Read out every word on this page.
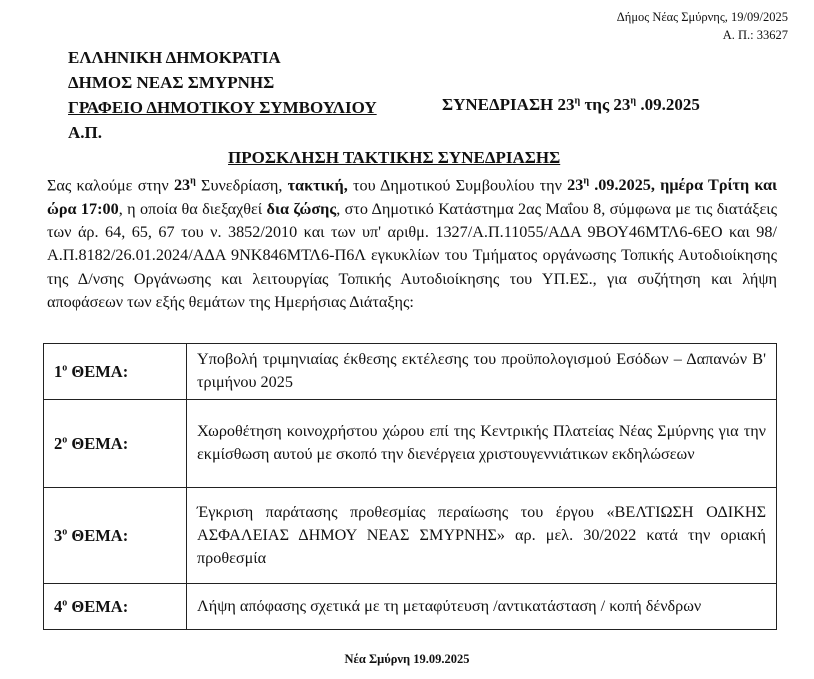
Δήμος Νέας Σμύρνης, 19/09/2025
Α. Π.: 33627
ΕΛΛΗΝΙΚΗ ΔΗΜΟΚΡΑΤΙΑ
ΔΗΜΟΣ ΝΕΑΣ ΣΜΥΡΝΗΣ
ΓΡΑΦΕΙΟ ΔΗΜΟΤΙΚΟΥ ΣΥΜΒΟΥΛΙΟΥ
Α.Π.
ΣΥΝΕΔΡΙΑΣΗ $23^\eta$ της $23^\eta$ .09.2025
ΠΡΟΣΚΛΗΣΗ ΤΑΚΤΙΚΗΣ ΣΥΝΕΔΡΙΑΣΗΣ

Σας καλούμε στην $23^\eta$ Συνεδρίαση, τακτική, του Δημοτικού Συμβουλίου την $23^\eta$ .09.2025, ημέρα Τρίτη και ώρα 17:00, η οποία θα διεξαχθεί δια ζώσης, στο Δημοτικό Κατάστημα 2ας Μαΐου 8, σύμφωνα με τις διατάξεις των άρ. 64, 65, 67 του ν. 3852/2010 και των υπ' αριθμ. 1327/Α.Π.11055/ΑΔΑ 9ΒΟΥ46ΜΤΛ6-6ΕΟ και 98/Α.Π.8182/26.01.2024/ΑΔΑ 9ΝΚ846ΜΤΛ6-Π6Λ εγκυκλίων του Τμήματος οργάνωσης Τοπικής Αυτοδιοίκησης της Δ/νσης Οργάνωσης και λειτουργίας Τοπικής Αυτοδιοίκησης του ΥΠ.ΕΣ., για συζήτηση και λήψη αποφάσεων των εξής θεμάτων της Ημερήσιας Διάταξης:

$1^o$ ΘΕΜΑ:	Υποβολή τριμηνιαίας έκθεσης εκτέλεσης του προϋπολογισμού Εσόδων – Δαπανών Β' τριμήνου 2025
$2^o$ ΘΕΜΑ:	Χωροθέτηση κοινοχρήστου χώρου επί της Κεντρικής Πλατείας Νέας Σμύρνης για την εκμίσθωση αυτού με σκοπό την διενέργεια χριστουγεννιάτικων εκδηλώσεων
$3^o$ ΘΕΜΑ:	Έγκριση παράτασης προθεσμίας περαίωσης του έργου «ΒΕΛΤΙΩΣΗ ΟΔΙΚΗΣ ΑΣΦΑΛΕΙΑΣ ΔΗΜΟΥ ΝΕΑΣ ΣΜΥΡΝΗΣ» αρ. μελ. 30/2022 κατά την οριακή προθεσμία
$4^o$ ΘΕΜΑ:	Λήψη απόφασης σχετικά με τη μεταφύτευση /αντικατάσταση / κοπή δένδρων
Νέα Σμύρνη 19.09.2025
